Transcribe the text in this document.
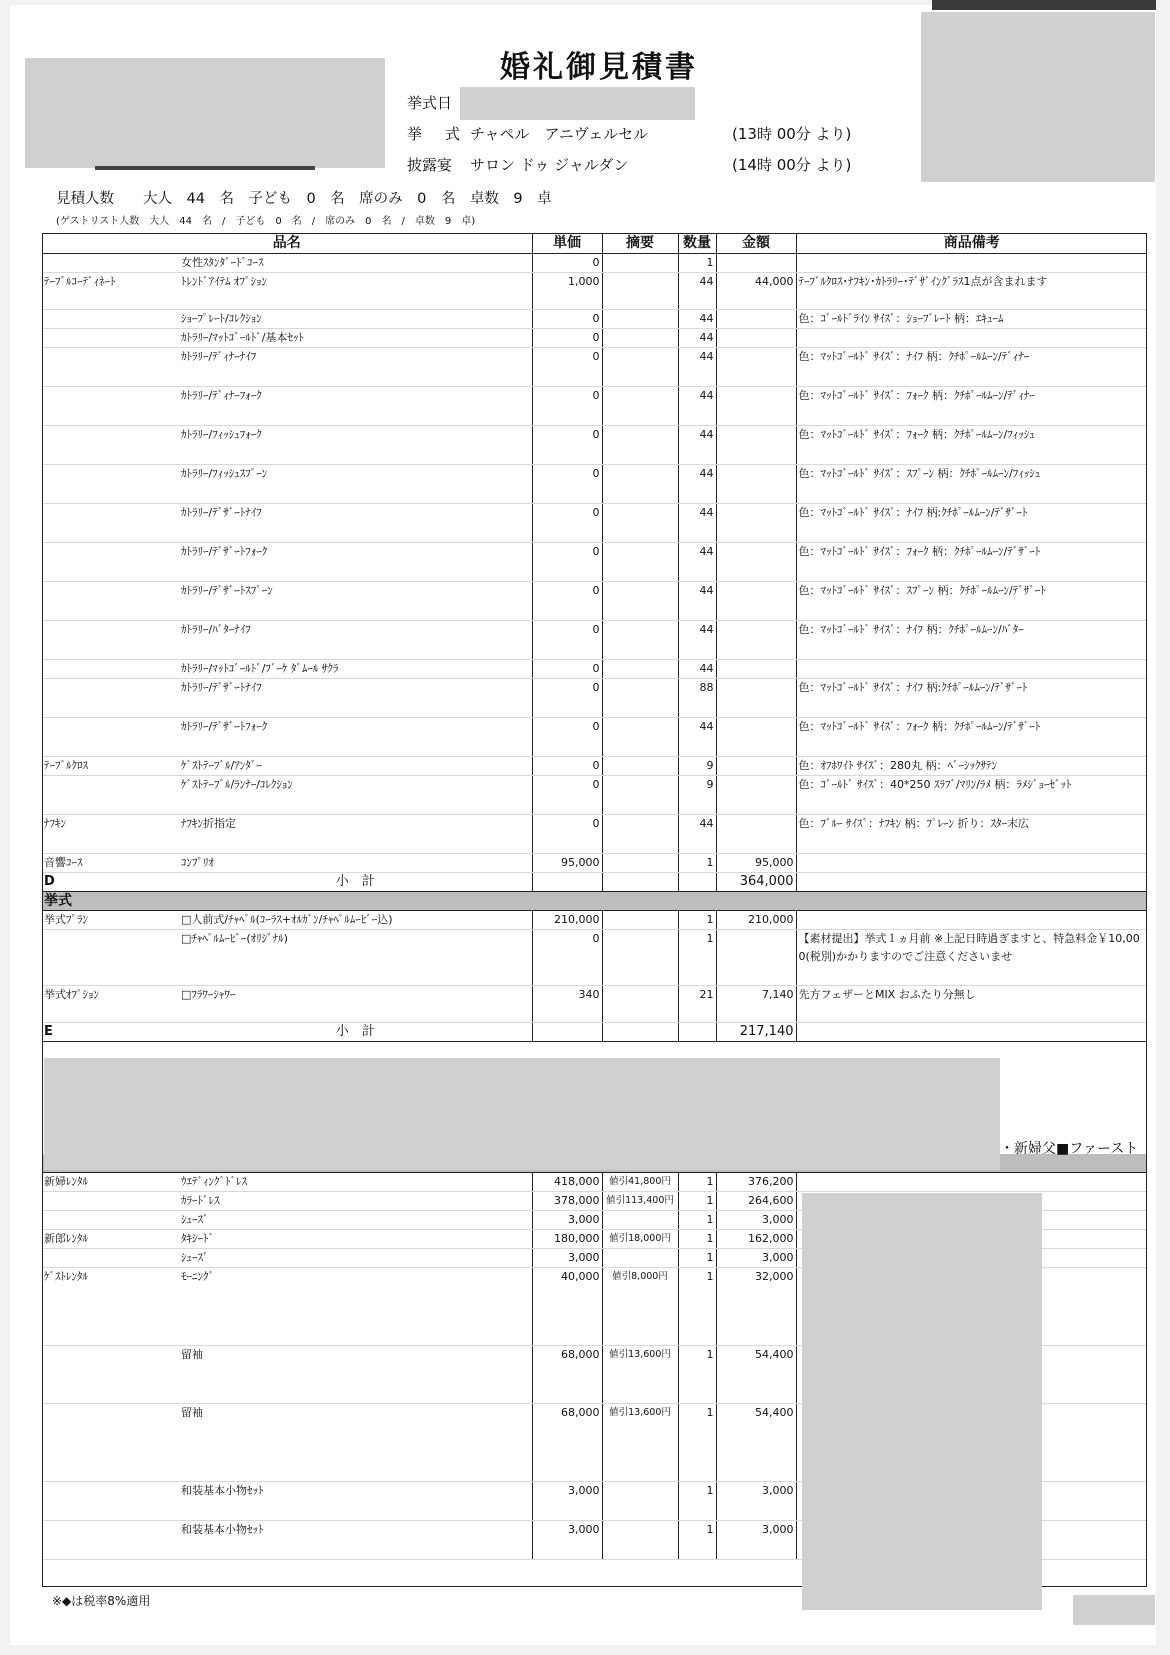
婚礼御見積書
挙式日
挙　式 チャペル　アニヴェルセル	(13時 00分 より)
披露宴 サロン ドゥ ジャルダン	(14時 00分 より)
見積人数　　大人　44　名　子ども　0　名　席のみ　0　名　卓数　9　卓
(ゲストリスト人数　大人　44　名　/　子ども　0　名　/　席のみ　0　名　/　卓数　9　卓)
品名		単価	摘要	数量	金額	商品備考
	女性ｽﾀﾝﾀﾞｰﾄﾞｺｰｽ	0		1		
ﾃｰﾌﾞﾙｺｰﾃﾞｨﾈｰﾄ	ﾄﾚﾝﾄﾞｱｲﾃﾑ ｵﾌﾟｼｮﾝ	1,000		44	44,000	ﾃｰﾌﾞﾙｸﾛｽ･ﾅﾌｷﾝ･ｶﾄﾗﾘｰ･ﾃﾞｻﾞｲﾝｸﾞﾗｽ1点が含まれます
	ｼｮｰﾌﾟﾚｰﾄ/ｺﾚｸｼｮﾝ	0		44		色：ｺﾞｰﾙﾄﾞﾗｲﾝ ｻｲｽﾞ：ｼｮｰﾌﾟﾚｰﾄ 柄：ｴｷｭｰﾑ
	ｶﾄﾗﾘｰ/ﾏｯﾄｺﾞｰﾙﾄﾞ/基本ｾｯﾄ	0		44		
	ｶﾄﾗﾘｰ/ﾃﾞｨﾅｰﾅｲﾌ	0		44		色：ﾏｯﾄｺﾞｰﾙﾄﾞ ｻｲｽﾞ：ﾅｲﾌ 柄：ｸﾁﾎﾟｰﾙﾑｰﾝ/ﾃﾞｨﾅｰ
	ｶﾄﾗﾘｰ/ﾃﾞｨﾅｰﾌｫｰｸ	0		44		色：ﾏｯﾄｺﾞｰﾙﾄﾞ ｻｲｽﾞ：ﾌｫｰｸ 柄：ｸﾁﾎﾟｰﾙﾑｰﾝ/ﾃﾞｨﾅｰ
	ｶﾄﾗﾘｰ/ﾌｨｯｼｭﾌｫｰｸ	0		44		色：ﾏｯﾄｺﾞｰﾙﾄﾞ ｻｲｽﾞ：ﾌｫｰｸ 柄：ｸﾁﾎﾟｰﾙﾑｰﾝ/ﾌｨｯｼｭ
	ｶﾄﾗﾘｰ/ﾌｨｯｼｭｽﾌﾟｰﾝ	0		44		色：ﾏｯﾄｺﾞｰﾙﾄﾞ ｻｲｽﾞ：ｽﾌﾟｰﾝ 柄：ｸﾁﾎﾟｰﾙﾑｰﾝ/ﾌｨｯｼｭ
	ｶﾄﾗﾘｰ/ﾃﾞｻﾞｰﾄﾅｲﾌ	0		44		色：ﾏｯﾄｺﾞｰﾙﾄﾞ ｻｲｽﾞ：ﾅｲﾌ 柄:ｸﾁﾎﾟｰﾙﾑｰﾝ/ﾃﾞｻﾞｰﾄ
	ｶﾄﾗﾘｰ/ﾃﾞｻﾞｰﾄﾌｫｰｸ	0		44		色：ﾏｯﾄｺﾞｰﾙﾄﾞ ｻｲｽﾞ：ﾌｫｰｸ 柄：ｸﾁﾎﾟｰﾙﾑｰﾝ/ﾃﾞｻﾞｰﾄ
	ｶﾄﾗﾘｰ/ﾃﾞｻﾞｰﾄｽﾌﾟｰﾝ	0		44		色：ﾏｯﾄｺﾞｰﾙﾄﾞ ｻｲｽﾞ：ｽﾌﾟｰﾝ 柄：ｸﾁﾎﾟｰﾙﾑｰﾝ/ﾃﾞｻﾞｰﾄ
	ｶﾄﾗﾘｰ/ﾊﾞﾀｰﾅｲﾌ	0		44		色：ﾏｯﾄｺﾞｰﾙﾄﾞ ｻｲｽﾞ：ﾅｲﾌ 柄：ｸﾁﾎﾟｰﾙﾑｰﾝ/ﾊﾞﾀｰ
	ｶﾄﾗﾘｰ/ﾏｯﾄｺﾞｰﾙﾄﾞ/ﾌﾞｰｹ ﾀﾞﾑｰﾙ ｻｸﾗ	0		44		
	ｶﾄﾗﾘｰ/ﾃﾞｻﾞｰﾄﾅｲﾌ	0		88		色：ﾏｯﾄｺﾞｰﾙﾄﾞ ｻｲｽﾞ：ﾅｲﾌ 柄:ｸﾁﾎﾟｰﾙﾑｰﾝ/ﾃﾞｻﾞｰﾄ
	ｶﾄﾗﾘｰ/ﾃﾞｻﾞｰﾄﾌｫｰｸ	0		44		色：ﾏｯﾄｺﾞｰﾙﾄﾞ ｻｲｽﾞ：ﾌｫｰｸ 柄：ｸﾁﾎﾟｰﾙﾑｰﾝ/ﾃﾞｻﾞｰﾄ
ﾃｰﾌﾞﾙｸﾛｽ	ｹﾞｽﾄﾃｰﾌﾞﾙ/ｱﾝﾀﾞｰ	0		9		色：ｵﾌﾎﾜｲﾄ ｻｲｽﾞ：280丸 柄：ﾍﾞｰｼｯｸｻﾃﾝ
	ｹﾞｽﾄﾃｰﾌﾞﾙ/ﾗﾝﾅｰ/ｺﾚｸｼｮﾝ	0		9		色：ｺﾞｰﾙﾄﾞ ｻｲｽﾞ：40*250 ｽﾗﾌﾞ/ﾏﾘﾝ/ﾗﾒ 柄：ﾗﾒｼﾞｮｰｾﾞｯﾄ
ﾅﾌｷﾝ	ﾅﾌｷﾝ折指定	0		44		色：ﾌﾞﾙｰ ｻｲｽﾞ：ﾅﾌｷﾝ 柄：ﾌﾟﾚｰﾝ 折り：ｽﾀｰ末広
音響ｺｰｽ	ｺﾝﾌﾟﾘｵ	95,000		1	95,000	
D	小　計				364,000	
挙式						
挙式ﾌﾟﾗﾝ	□人前式/ﾁｬﾍﾟﾙ(ｺｰﾗｽ+ｵﾙｶﾞﾝ/ﾁｬﾍﾟﾙﾑｰﾋﾞｰ込)	210,000		1	210,000	
	□ﾁｬﾍﾟﾙﾑｰﾋﾞｰ(ｵﾘｼﾞﾅﾙ)	0		1		【素材提出】挙式１ヵ月前 ※上記日時過ぎますと、特急料金￥10,000(税別)かかりますのでご注意くださいませ
挙式ｵﾌﾟｼｮﾝ	□ﾌﾗﾜｰｼｬﾜｰ	340		21	7,140	先方フェザーとMIX おふたり分無し
E	小　計				217,140	

新婦ﾚﾝﾀﾙ	ｳｴﾃﾞｨﾝｸﾞﾄﾞﾚｽ	418,000	値引41,800円	1	376,200	
	ｶﾗｰﾄﾞﾚｽ	378,000	値引113,400円	1	264,600	
	ｼｭｰｽﾞ	3,000		1	3,000	
新郎ﾚﾝﾀﾙ	ﾀｷｼｰﾄﾞ	180,000	値引18,000円	1	162,000	
	ｼｭｰｽﾞ	3,000		1	3,000	
ｹﾞｽﾄﾚﾝﾀﾙ	ﾓｰﾆﾝｸﾞ	40,000	値引8,000円	1	32,000	
	留袖	68,000	値引13,600円	1	54,400	
	留袖	68,000	値引13,600円	1	54,400	
	和装基本小物ｾｯﾄ	3,000		1	3,000	
	和装基本小物ｾｯﾄ	3,000		1	3,000	
・新婦父■ファースト
※◆は税率8%適用
